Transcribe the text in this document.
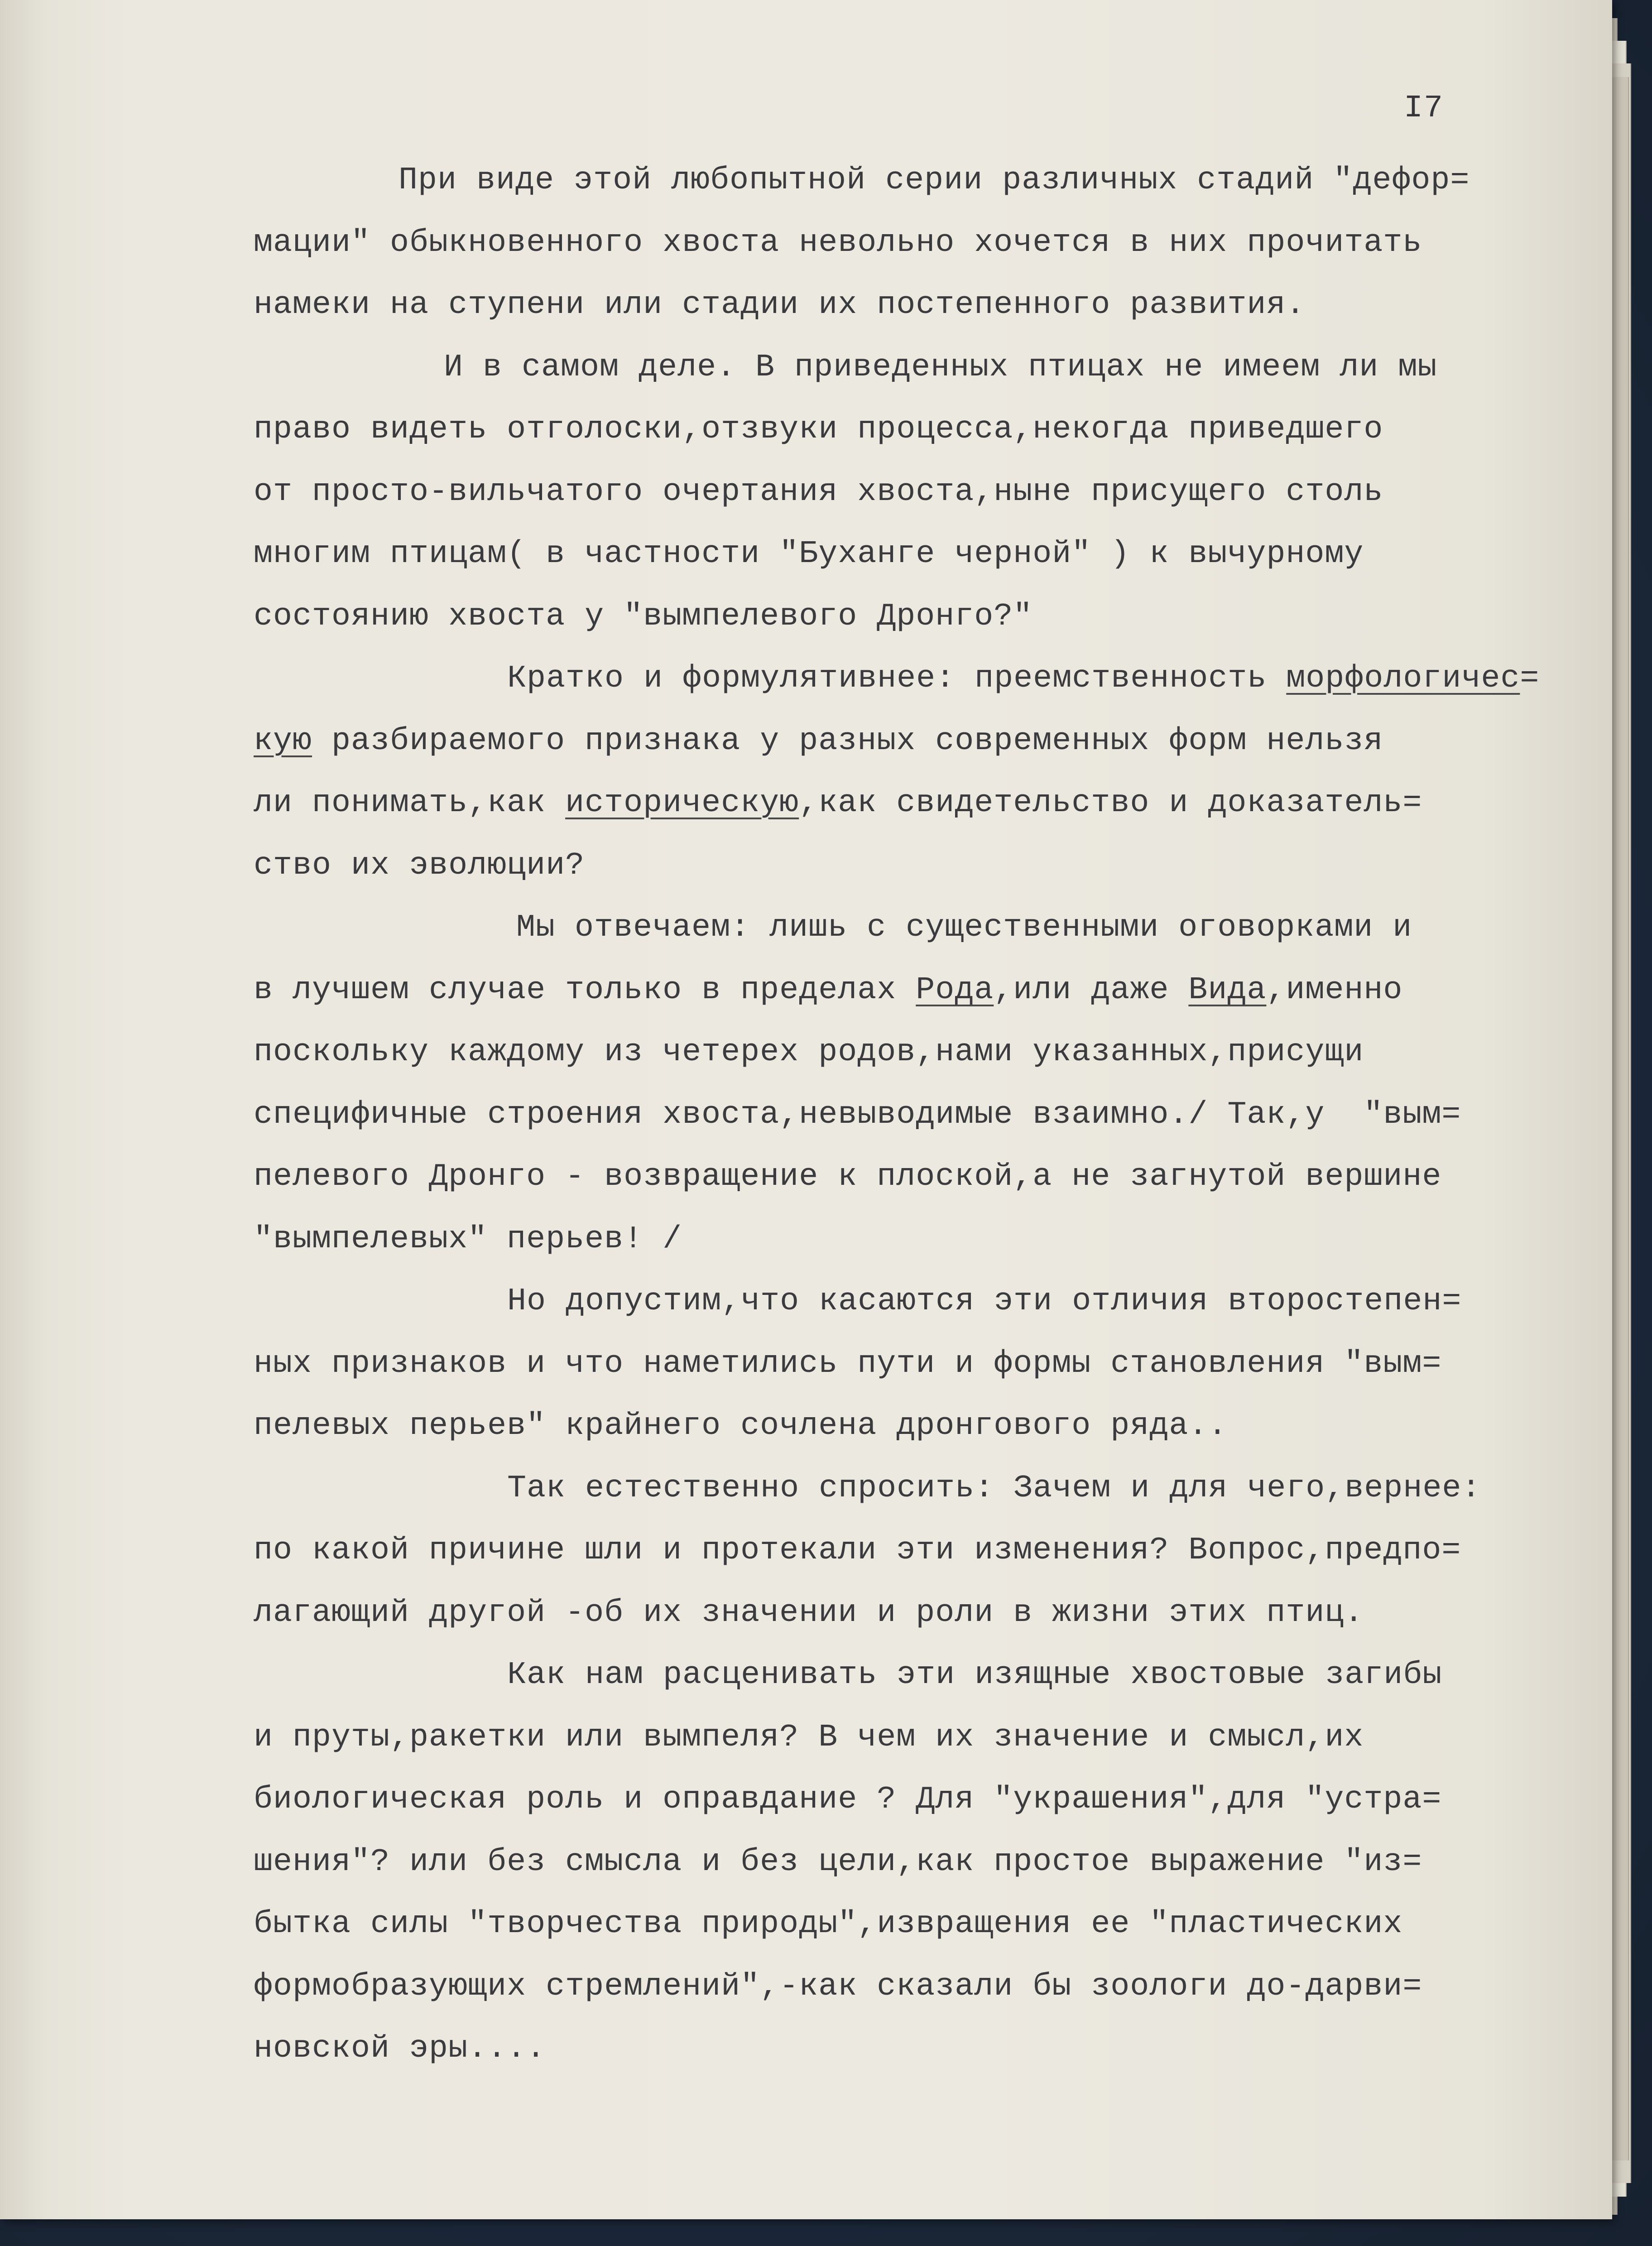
I7
При виде этой любопытной серии различных стадий "дефор=
мации" обыкновенного хвоста невольно хочется в них прочитать
намеки на ступени или стадии их постепенного развития.
И в самом деле. В приведенных птицах не имеем ли мы
право видеть отголоски,отзвуки процесса,некогда приведшего
от просто-вильчатого очертания хвоста,ныне присущего столь
многим птицам( в частности "Буханге черной" ) к вычурному
состоянию хвоста у "вымпелевого Дронго?"
Кратко и формулятивнее: преемственность морфологичес=
кую разбираемого признака у разных современных форм нельзя
ли понимать,как историческую,как свидетельство и доказатель=
ство их эволюции?
Мы отвечаем: лишь с существенными оговорками и
в лучшем случае только в пределах Рода,или даже Вида,именно
поскольку каждому из четерех родов,нами указанных,присущи
специфичные строения хвоста,невыводимые взаимно./ Так,у  "вым=
пелевого Дронго - возвращение к плоской,а не загнутой вершине
"вымпелевых" перьев! /
Но допустим,что касаются эти отличия второстепен=
ных признаков и что наметились пути и формы становления "вым=
пелевых перьев" крайнего сочлена дронгового ряда..
Так естественно спросить: Зачем и для чего,вернее:
по какой причине шли и протекали эти изменения? Вопрос,предпо=
лагающий другой -об их значении и роли в жизни этих птиц.
Как нам расценивать эти изящные хвостовые загибы
и пруты,ракетки или вымпеля? В чем их значение и смысл,их
биологическая роль и оправдание ? Для "украшения",для "устра=
шения"? или без смысла и без цели,как простое выражение "из=
бытка силы "творчества природы",извращения ее "пластических
формобразующих стремлений",-как сказали бы зоологи до-дарви=
новской эры....
